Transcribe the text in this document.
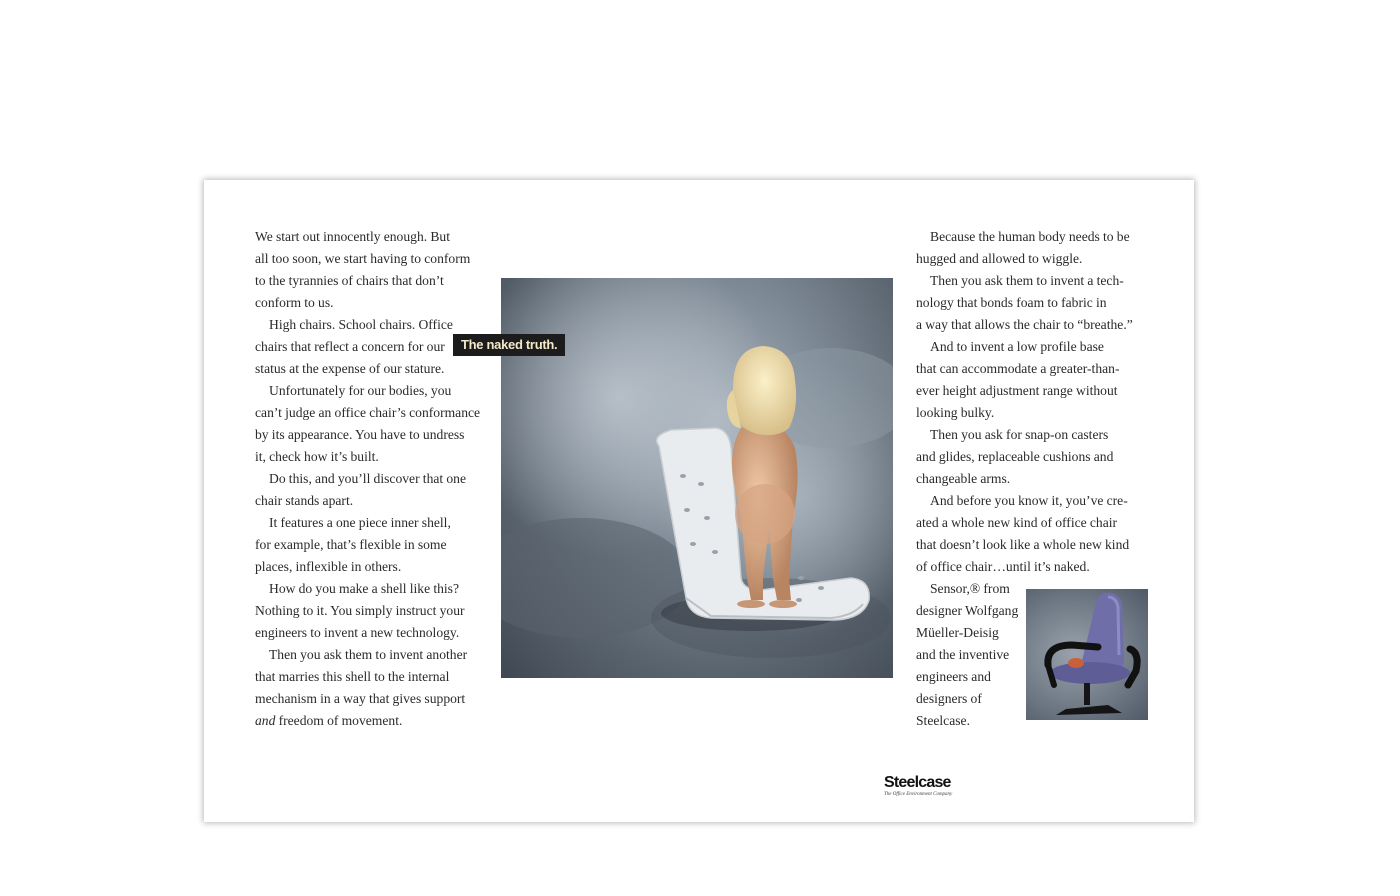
We start out innocently enough. But
all too soon, we start having to conform
to the tyrannies of chairs that don’t
conform to us.
High chairs. School chairs. Office
chairs that reflect a concern for our
status at the expense of our stature.
Unfortunately for our bodies, you
can’t judge an office chair’s conformance
by its appearance. You have to undress
it, check how it’s built.
Do this, and you’ll discover that one
chair stands apart.
It features a one piece inner shell,
for example, that’s flexible in some
places, inflexible in others.
How do you make a shell like this?
Nothing to it. You simply instruct your
engineers to invent a new technology.
Then you ask them to invent another
that marries this shell to the internal
mechanism in a way that gives support
and freedom of movement.
The naked truth.
Because the human body needs to be
hugged and allowed to wiggle.
Then you ask them to invent a tech-
nology that bonds foam to fabric in
a way that allows the chair to “breathe.”
And to invent a low profile base
that can accommodate a greater-than-
ever height adjustment range without
looking bulky.
Then you ask for snap-on casters
and glides, replaceable cushions and
changeable arms.
And before you know it, you’ve cre-
ated a whole new kind of office chair
that doesn’t look like a whole new kind
of office chair…until it’s naked.
Sensor,® from
designer Wolfgang
Müeller-Deisig
and the inventive
engineers and
designers of
Steelcase.
Steelcase
The Office Environment Company
